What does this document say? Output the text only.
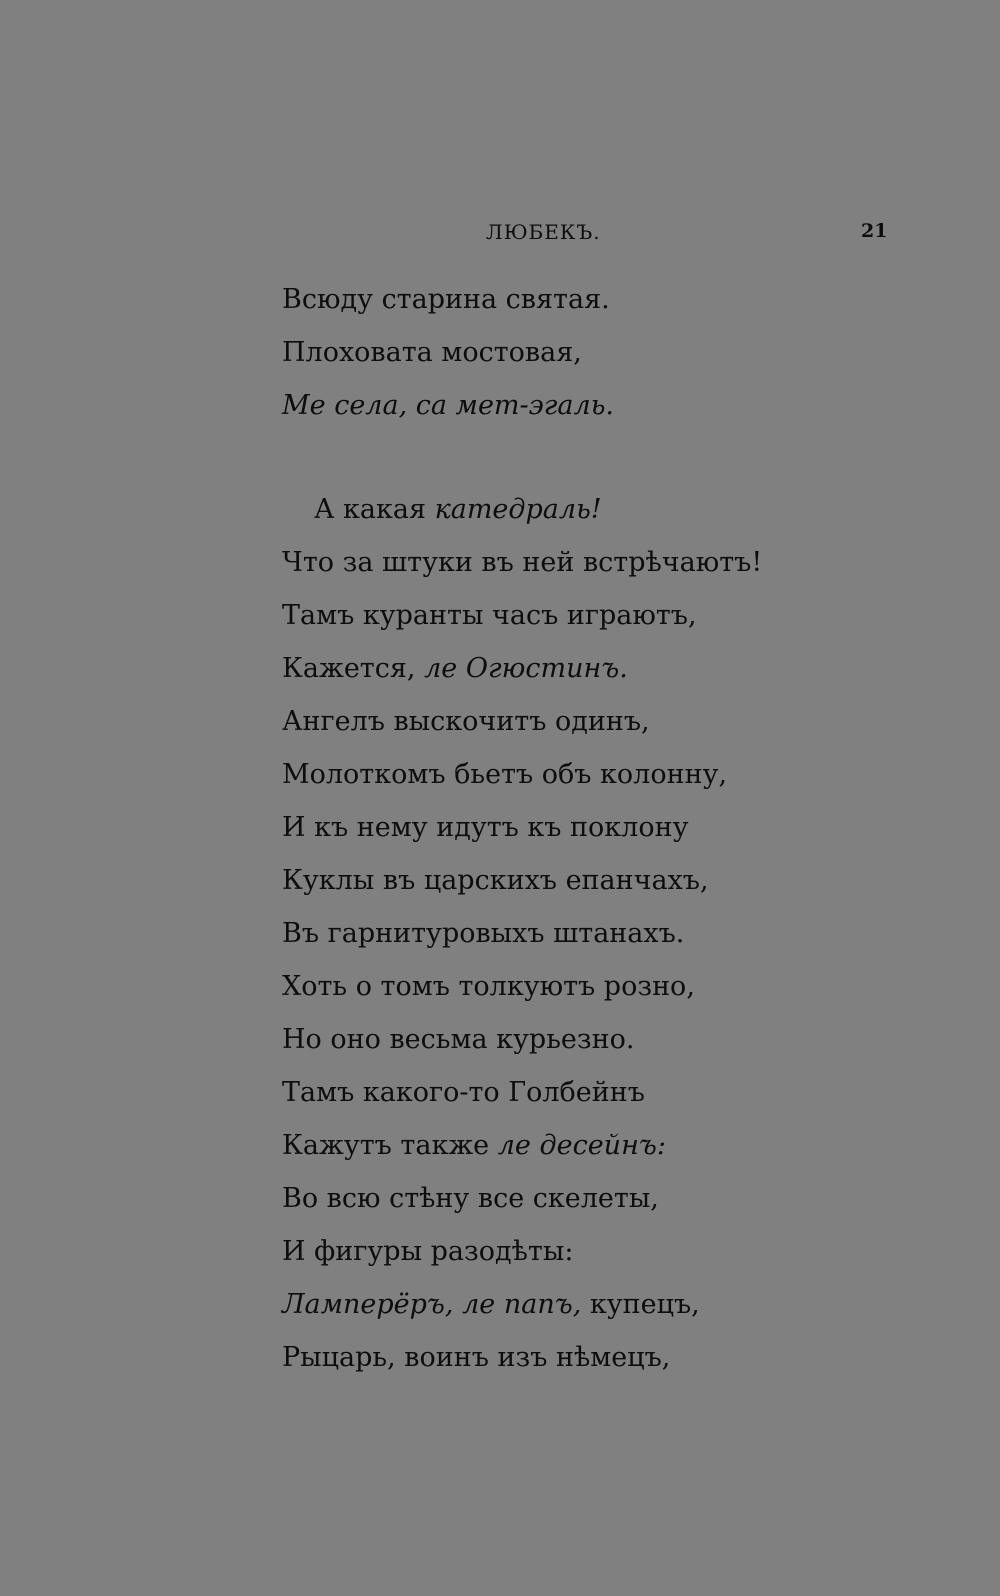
ЛЮБЕКЪ.	21
Всюду старина святая.
Плоховата мостовая,
Ме села, са мет-эгаль.
А какая катедраль!
Что за штуки въ ней встрѣчаютъ!
Тамъ куранты часъ играютъ,
Кажется, ле Огюстинъ.
Ангелъ выскочитъ одинъ,
Молоткомъ бьетъ объ колонну,
И къ нему идутъ къ поклону
Куклы въ царскихъ епанчахъ,
Въ гарнитуровыхъ штанахъ.
Хоть о томъ толкуютъ розно,
Но оно весьма курьезно.
Тамъ какого-то Голбейнъ
Кажутъ также ле десейнъ:
Во всю стѣну все скелеты,
И фигуры разодѣты:
Ламперёръ, ле папъ, купецъ,
Рыцарь, воинъ изъ нѣмецъ,
